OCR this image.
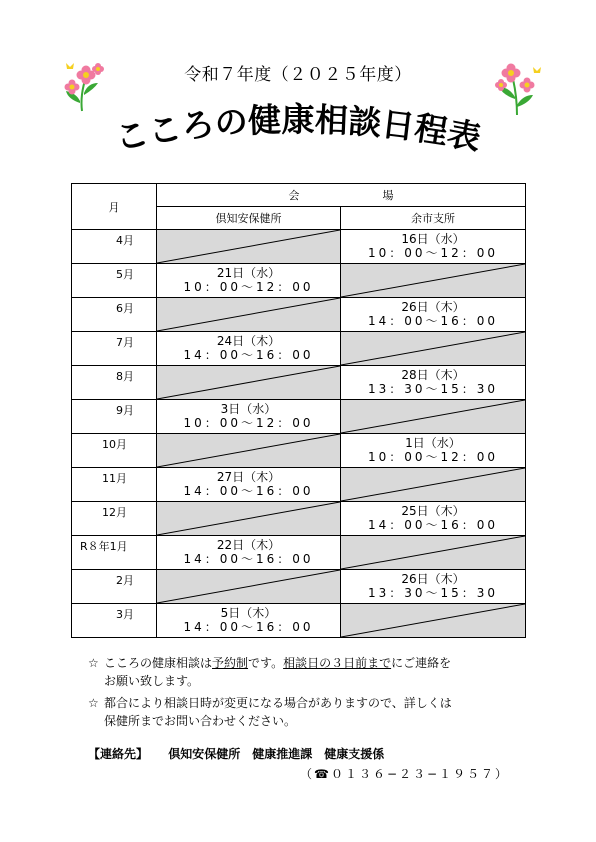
令和７年度（２０２５年度）
こころの健康相談日程表
月	会　場	
	倶知安保健所	余市支所
4月		16日（水）
10：00〜12：00

5月	21日（水）
10：00〜12：00

6月		26日（木）
14：00〜16：00

7月	24日（木）
14：00〜16：00

8月		28日（木）
13：30〜15：30

9月	3日（水）
10：00〜12：00

10月		1日（水）
10：00〜12：00

11月	27日（木）
14：00〜16：00

12月		25日（木）
14：00〜16：00

R８年1月	22日（木）
14：00〜16：00

2月		26日（木）
13：30〜15：30

3月	5日（木）
14：00〜16：00

☆ こころの健康相談は予約制です。相談日の３日前までにご連絡を
お願い致します。
☆ 都合により相談日時が変更になる場合がありますので、詳しくは
保健所までお問い合わせください。
【連絡先】 倶知安保健所　健康推進課　健康支援係
（☎０１３６−２３−１９５７）
